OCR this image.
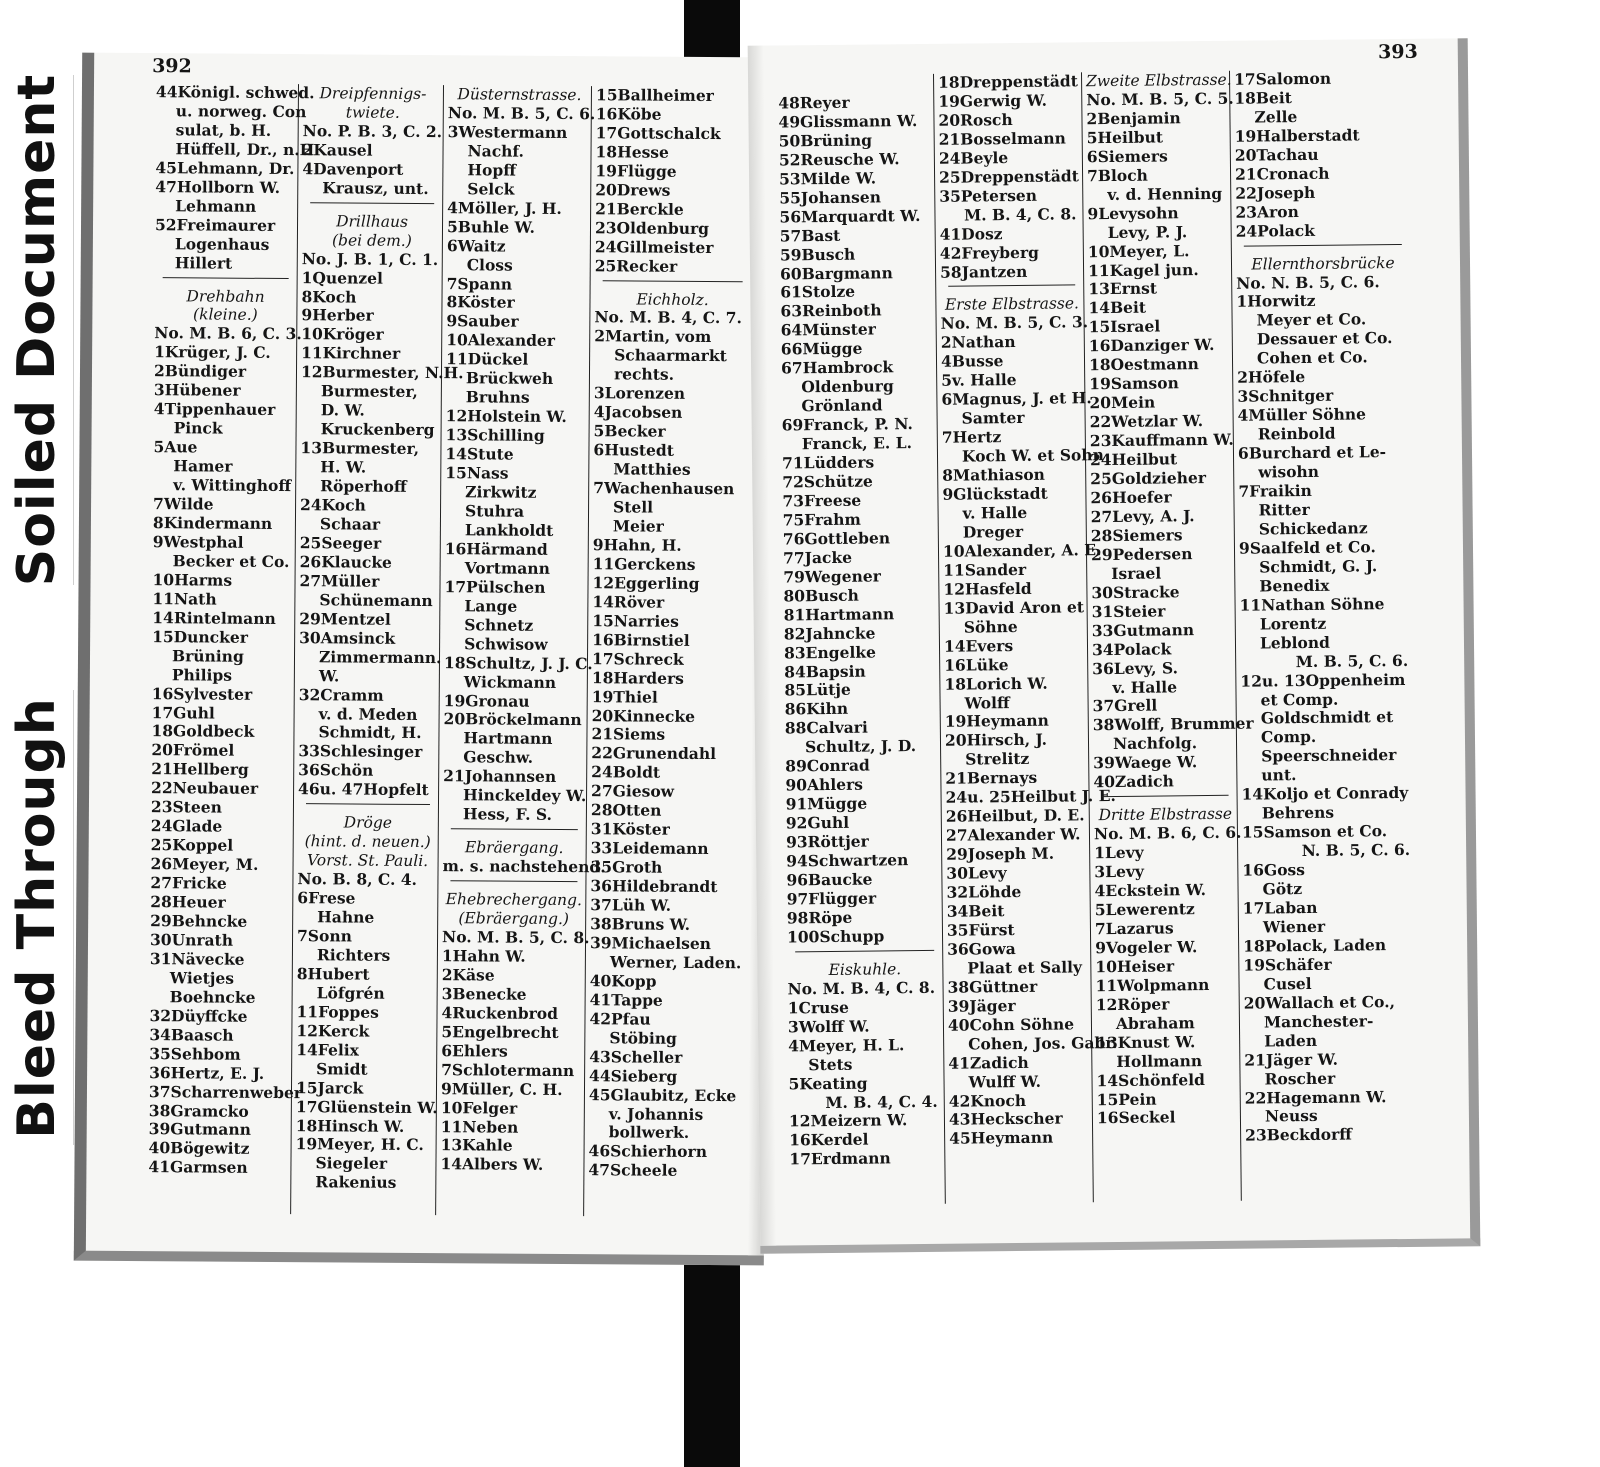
Soiled Document
Bleed Through
392
44Königl. schwed.
u. norweg. Con
sulat, b. H.
Hüffell, Dr., n.H
45Lehmann, Dr.
47Hollborn W.
Lehmann
52Freimaurer
Logenhaus
Hillert
Drehbahn
(kleine.)
No. M. B. 6, C. 3.
1Krüger, J. C.
2Bündiger
3Hübener
4Tippenhauer
Pinck
5Aue
Hamer
v. Wittinghoff
7Wilde
8Kindermann
9Westphal
Becker et Co.
10Harms
11Nath
14Rintelmann
15Duncker
Brüning
Philips
16Sylvester
17Guhl
18Goldbeck
20Frömel
21Hellberg
22Neubauer
23Steen
24Glade
25Koppel
26Meyer, M.
27Fricke
28Heuer
29Behncke
30Unrath
31Nävecke
Wietjes
Boehncke
32Düyffcke
34Baasch
35Sehbom
36Hertz, E. J.
37Scharrenweber
38Gramcko
39Gutmann
40Bögewitz
41Garmsen
Dreipfennigs-
twiete.
No. P. B. 3, C. 2.
2Kausel
4Davenport
Krausz, unt.
Drillhaus
(bei dem.)
No. J. B. 1, C. 1.
1Quenzel
8Koch
9Herber
10Kröger
11Kirchner
12Burmester, N.H.
Burmester,
D. W.
Kruckenberg
13Burmester,
H. W.
Röperhoff
24Koch
Schaar
25Seeger
26Klaucke
27Müller
Schünemann
29Mentzel
30Amsinck
Zimmermann.
W.
32Cramm
v. d. Meden
Schmidt, H.
33Schlesinger
36Schön
46u. 47Hopfelt
Dröge
(hint. d. neuen.)
Vorst. St. Pauli.
No. B. 8, C. 4.
6Frese
Hahne
7Sonn
Richters
8Hubert
Löfgrén
11Foppes
12Kerck
14Felix
Smidt
15Jarck
17Glüenstein W.
18Hinsch W.
19Meyer, H. C.
Siegeler
Rakenius
Düsternstrasse.
No. M. B. 5, C. 6.
3Westermann
Nachf.
Hopff
Selck
4Möller, J. H.
5Buhle W.
6Waitz
Closs
7Spann
8Köster
9Sauber
10Alexander
11Dückel
Brückweh
Bruhns
12Holstein W.
13Schilling
14Stute
15Nass
Zirkwitz
Stuhra
Lankholdt
16Härmand
Vortmann
17Pülschen
Lange
Schnetz
Schwisow
18Schultz, J. J. C.
Wickmann
19Gronau
20Bröckelmann
Hartmann
Geschw.
21Johannsen
Hinckeldey W.
Hess, F. S.
Ebräergang.
m. s. nachstehend.
Ehebrechergang.
(Ebräergang.)
No. M. B. 5, C. 8.
1Hahn W.
2Käse
3Benecke
4Ruckenbrod
5Engelbrecht
6Ehlers
7Schlotermann
9Müller, C. H.
10Felger
11Neben
13Kahle
14Albers W.
15Ballheimer
16Köbe
17Gottschalck
18Hesse
19Flügge
20Drews
21Berckle
23Oldenburg
24Gillmeister
25Recker
Eichholz.
No. M. B. 4, C. 7.
2Martin, vom
Schaarmarkt
rechts.
3Lorenzen
4Jacobsen
5Becker
6Hustedt
Matthies
7Wachenhausen
Stell
Meier
9Hahn, H.
11Gerckens
12Eggerling
14Röver
15Narries
16Birnstiel
17Schreck
18Harders
19Thiel
20Kinnecke
21Siems
22Grunendahl
24Boldt
27Giesow
28Otten
31Köster
33Leidemann
35Groth
36Hildebrandt
37Lüh W.
38Bruns W.
39Michaelsen
Werner, Laden.
40Kopp
41Tappe
42Pfau
Stöbing
43Scheller
44Sieberg
45Glaubitz, Ecke
v. Johannis
bollwerk.
46Schierhorn
47Scheele
393
48Reyer
49Glissmann W.
50Brüning
52Reusche W.
53Milde W.
55Johansen
56Marquardt W.
57Bast
59Busch
60Bargmann
61Stolze
63Reinboth
64Münster
66Mügge
67Hambrock
Oldenburg
Grönland
69Franck, P. N.
Franck, E. L.
71Lüdders
72Schütze
73Freese
75Frahm
76Gottleben
77Jacke
79Wegener
80Busch
81Hartmann
82Jahncke
83Engelke
84Bapsin
85Lütje
86Kihn
88Calvari
Schultz, J. D.
89Conrad
90Ahlers
91Mügge
92Guhl
93Röttjer
94Schwartzen
96Baucke
97Flügger
98Röpe
100Schupp
Eiskuhle.
No. M. B. 4, C. 8.
1Cruse
3Wolff W.
4Meyer, H. L.
Stets
5Keating
M. B. 4, C. 4.
12Meizern W.
16Kerdel
17Erdmann
18Dreppenstädt
19Gerwig W.
20Rosch
21Bosselmann
24Beyle
25Dreppenstädt
35Petersen
M. B. 4, C. 8.
41Dosz
42Freyberg
58Jantzen
Erste Elbstrasse.
No. M. B. 5, C. 3.
2Nathan
4Busse
5v. Halle
6Magnus, J. et H.
Samter
7Hertz
Koch W. et Sohn
8Mathiason
9Glückstadt
v. Halle
Dreger
10Alexander, A. E.
11Sander
12Hasfeld
13David Aron et
Söhne
14Evers
16Lüke
18Lorich W.
Wolff
19Heymann
20Hirsch, J.
Strelitz
21Bernays
24u. 25Heilbut J. E.
26Heilbut, D. E.
27Alexander W.
29Joseph M.
30Levy
32Löhde
34Beit
35Fürst
36Gowa
Plaat et Sally
38Güttner
39Jäger
40Cohn Söhne
Cohen, Jos. Gabr.
41Zadich
Wulff W.
42Knoch
43Heckscher
45Heymann
Zweite Elbstrasse.
No. M. B. 5, C. 5.
2Benjamin
5Heilbut
6Siemers
7Bloch
v. d. Henning
9Levysohn
Levy, P. J.
10Meyer, L.
11Kagel jun.
13Ernst
14Beit
15Israel
16Danziger W.
18Oestmann
19Samson
20Mein
22Wetzlar W.
23Kauffmann W.
24Heilbut
25Goldzieher
26Hoefer
27Levy, A. J.
28Siemers
29Pedersen
Israel
30Stracke
31Steier
33Gutmann
34Polack
36Levy, S.
v. Halle
37Grell
38Wolff, Brummer
Nachfolg.
39Waege W.
40Zadich
Dritte Elbstrasse
No. M. B. 6, C. 6.
1Levy
3Levy
4Eckstein W.
5Lewerentz
7Lazarus
9Vogeler W.
10Heiser
11Wolpmann
12Röper
Abraham
13Knust W.
Hollmann
14Schönfeld
15Pein
16Seckel
17Salomon
18Beit
Zelle
19Halberstadt
20Tachau
21Cronach
22Joseph
23Aron
24Polack
Ellernthorsbrücke
No. N. B. 5, C. 6.
1Horwitz
Meyer et Co.
Dessauer et Co.
Cohen et Co.
2Höfele
3Schnitger
4Müller Söhne
Reinbold
6Burchard et Le-
wisohn
7Fraikin
Ritter
Schickedanz
9Saalfeld et Co.
Schmidt, G. J.
Benedix
11Nathan Söhne
Lorentz
Leblond
M. B. 5, C. 6.
12u. 13Oppenheim
et Comp.
Goldschmidt et
Comp.
Speerschneider
unt.
14Koljo et Conrady
Behrens
15Samson et Co.
N. B. 5, C. 6.
16Goss
Götz
17Laban
Wiener
18Polack, Laden
19Schäfer
Cusel
20Wallach et Co.,
Manchester-
Laden
21Jäger W.
Roscher
22Hagemann W.
Neuss
23Beckdorff
